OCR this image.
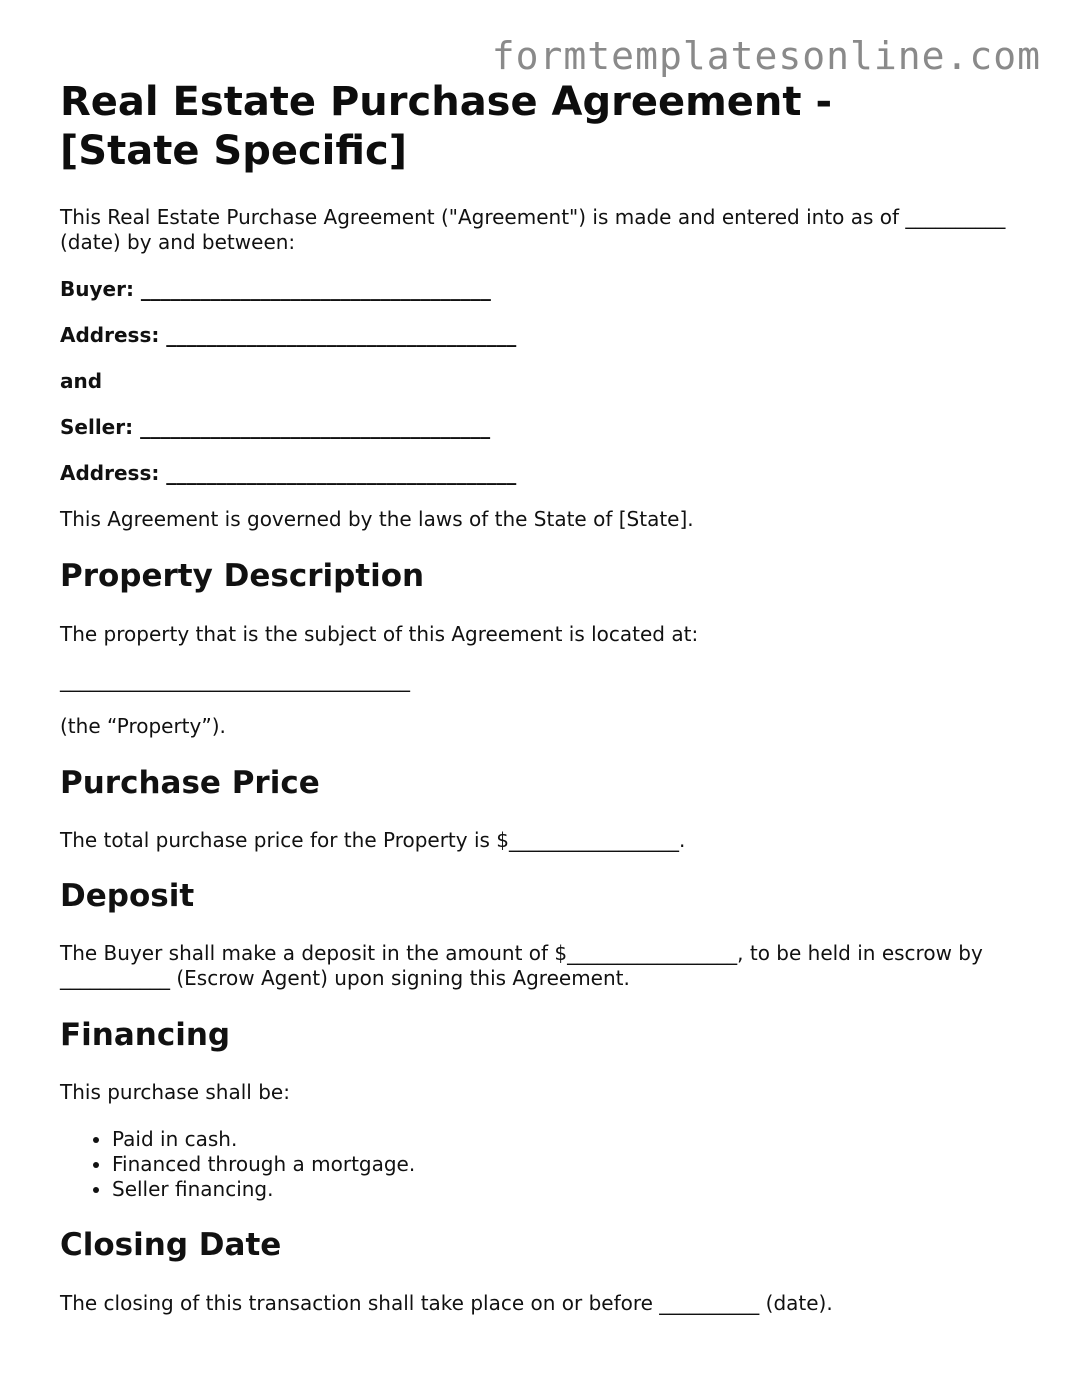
formtemplatesonline.com
Real Estate Purchase Agreement - [State Specific]

This Real Estate Purchase Agreement ("Agreement") is made and entered into as of __________ (date) by and between:

Buyer: ___________________________________

Address: ___________________________________

and

Seller: ___________________________________

Address: ___________________________________

This Agreement is governed by the laws of the State of [State].

Property Description

The property that is the subject of this Agreement is located at:

___________________________________

(the “Property”).

Purchase Price

The total purchase price for the Property is $_________________.

Deposit

The Buyer shall make a deposit in the amount of $_________________, to be held in escrow by ___________ (Escrow Agent) upon signing this Agreement.

Financing

This purchase shall be:

• Paid in cash.
• Financed through a mortgage.
• Seller financing.
Closing Date

The closing of this transaction shall take place on or before __________ (date).
